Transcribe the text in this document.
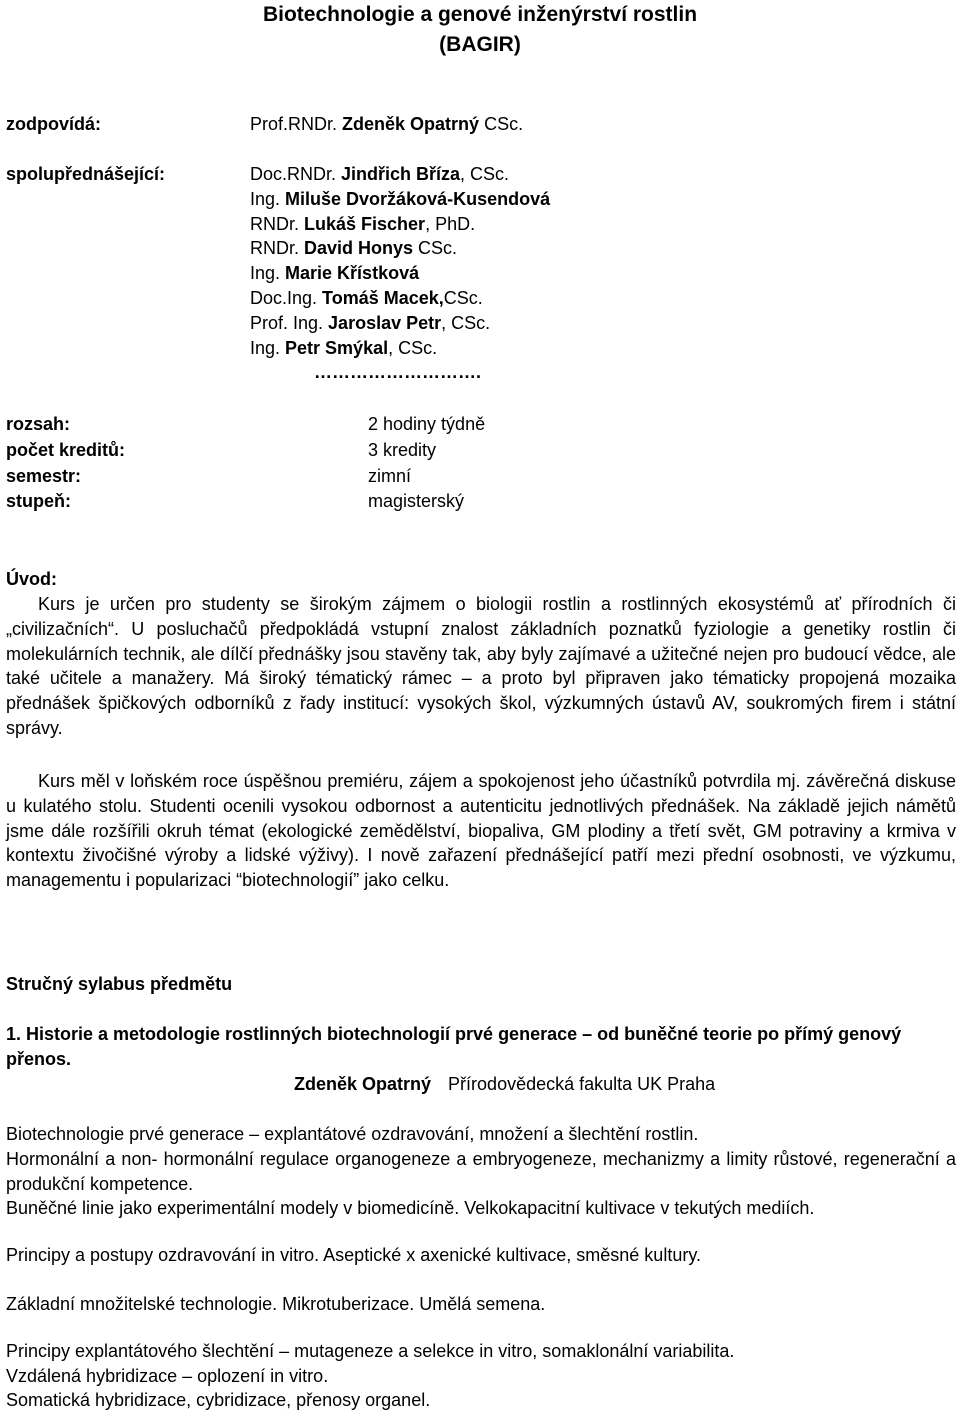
Biotechnologie a genové inženýrství rostlin
(BAGIR)
zodpovídá:	Prof.RNDr. Zdeněk Opatrný CSc.
spolupřednášející:	Doc.RNDr. Jindřich Bříza, CSc.
Ing. Miluše Dvoržáková-Kusendová
RNDr. Lukáš Fischer, PhD.
RNDr. David Honys CSc.
Ing. Marie Křístková
Doc.Ing. Tomáš Macek,CSc.
Prof. Ing. Jaroslav Petr, CSc.
Ing. Petr Smýkal, CSc.
……………………….
rozsah:
počet kreditů:
semestr:
stupeň:
2 hodiny týdně
3 kredity
zimní
magisterský
Úvod:

Kurs je určen pro studenty se širokým zájmem o biologii rostlin a rostlinných ekosystémů ať přírodních či „civilizačních“. U posluchačů předpokládá vstupní znalost základních poznatků fyziologie a genetiky rostlin či molekulárních technik, ale dílčí přednášky jsou stavěny tak, aby byly zajímavé a užitečné nejen pro budoucí vědce, ale také učitele a manažery. Má široký tématický rámec – a proto byl připraven jako tématicky propojená mozaika přednášek špičkových odborníků z řady institucí: vysokých škol, výzkumných ústavů AV, soukromých firem i státní správy.

Kurs měl v loňském roce úspěšnou premiéru, zájem a spokojenost jeho účastníků potvrdila mj. závěrečná diskuse u kulatého stolu. Studenti ocenili vysokou odbornost a autenticitu jednotlivých přednášek. Na základě jejich námětů jsme dále rozšířili okruh témat (ekologické zemědělství, biopaliva, GM plodiny a třetí svět, GM potraviny a krmiva v kontextu živočišné výroby a lidské výživy). I nově zařazení přednášející patří mezi přední osobnosti, ve výzkumu, managementu i popularizaci “biotechnologií” jako celku.

Stručný sylabus předmětu
1. Historie a metodologie rostlinných biotechnologií prvé generace – od buněčné teorie po přímý genový přenos.
Zdeněk Opatrný Přírodovědecká fakulta UK Praha
Biotechnologie prvé generace – explantátové ozdravování, množení a šlechtění rostlin.

Hormonální a non- hormonální regulace organogeneze a embryogeneze, mechanizmy a limity růstové, regenerační a produkční kompetence.

Buněčné linie jako experimentální modely v biomedicíně. Velkokapacitní kultivace v tekutých mediích.
Principy a postupy ozdravování in vitro. Aseptické x axenické kultivace, směsné kultury.
Základní množitelské technologie. Mikrotuberizace. Umělá semena.
Principy explantátového šlechtění – mutageneze a selekce in vitro, somaklonální variabilita.
Vzdálená hybridizace – oplození in vitro.
Somatická hybridizace, cybridizace, přenosy organel.
